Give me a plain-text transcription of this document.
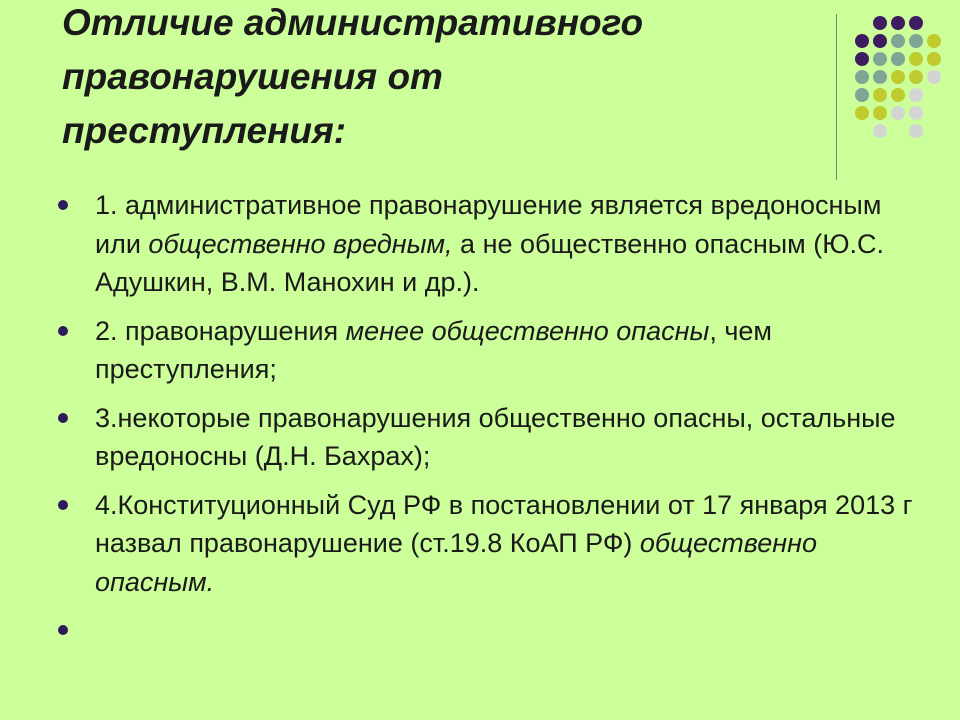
Отличие административного
правонарушения от
преступления:
1. административное правонарушение является вредоносным или общественно вредным, а не общественно опасным (Ю.С. Адушкин, В.М. Манохин и др.).
2. правонарушения менее общественно опасны, чем преступления;
3.некоторые правонарушения общественно опасны, остальные вредоносны (Д.Н. Бахрах);
4.Конституционный Суд РФ в постановлении от 17 января 2013 г назвал правонарушение (ст.19.8 КоАП РФ) общественно опасным.
